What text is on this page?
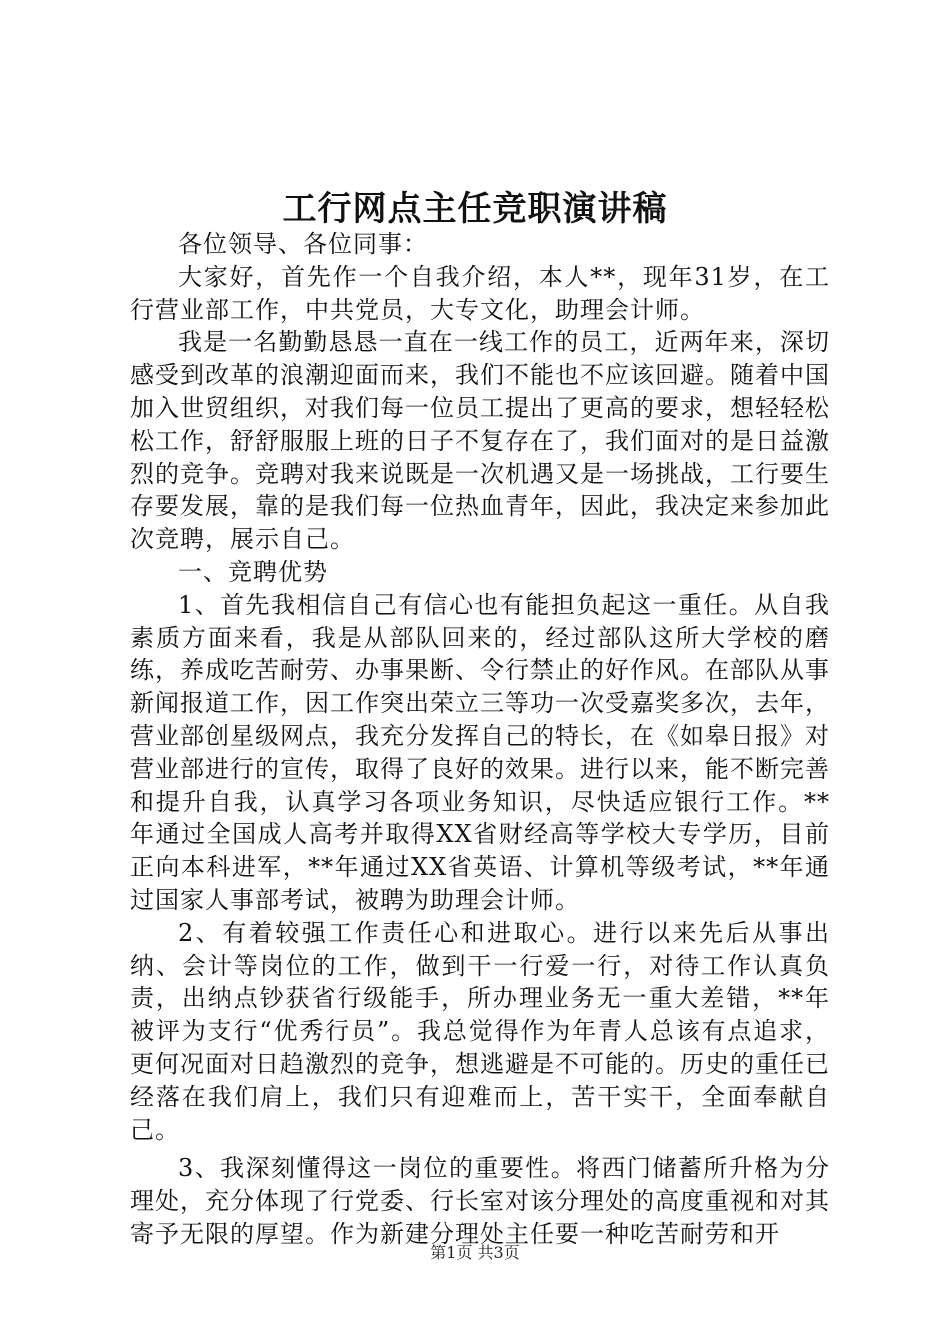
工行网点主任竞职演讲稿

各位领导、各位同事：

大家好，首先作一个自我介绍，本人**，现年31岁，在工行营业部工作，中共党员，大专文化，助理会计师。

我是一名勤勤恳恳一直在一线工作的员工，近两年来，深切感受到改革的浪潮迎面而来，我们不能也不应该回避。随着中国加入世贸组织，对我们每一位员工提出了更高的要求，想轻轻松松工作，舒舒服服上班的日子不复存在了，我们面对的是日益激烈的竞争。竞聘对我来说既是一次机遇又是一场挑战，工行要生存要发展，靠的是我们每一位热血青年，因此，我决定来参加此次竞聘，展示自己。

一、竞聘优势

1、首先我相信自己有信心也有能担负起这一重任。从自我素质方面来看，我是从部队回来的，经过部队这所大学校的磨练，养成吃苦耐劳、办事果断、令行禁止的好作风。在部队从事新闻报道工作，因工作突出荣立三等功一次受嘉奖多次，去年，营业部创星级网点，我充分发挥自己的特长，在《如皋日报》对营业部进行的宣传，取得了良好的效果。进行以来，能不断完善和提升自我，认真学习各项业务知识，尽快适应银行工作。**年通过全国成人高考并取得XX省财经高等学校大专学历，目前正向本科进军，**年通过XX省英语、计算机等级考试，**年通过国家人事部考试，被聘为助理会计师。

2、有着较强工作责任心和进取心。进行以来先后从事出纳、会计等岗位的工作，做到干一行爱一行，对待工作认真负责，出纳点钞获省行级能手，所办理业务无一重大差错，**年被评为支行“优秀行员”。我总觉得作为年青人总该有点追求，更何况面对日趋激烈的竞争，想逃避是不可能的。历史的重任已经落在我们肩上，我们只有迎难而上，苦干实干，全面奉献自己。

3、我深刻懂得这一岗位的重要性。将西门储蓄所升格为分理处，充分体现了行党委、行长室对该分理处的高度重视和对其寄予无限的厚望。作为新建分理处主任要一种吃苦耐劳和开

第1页 共3页
